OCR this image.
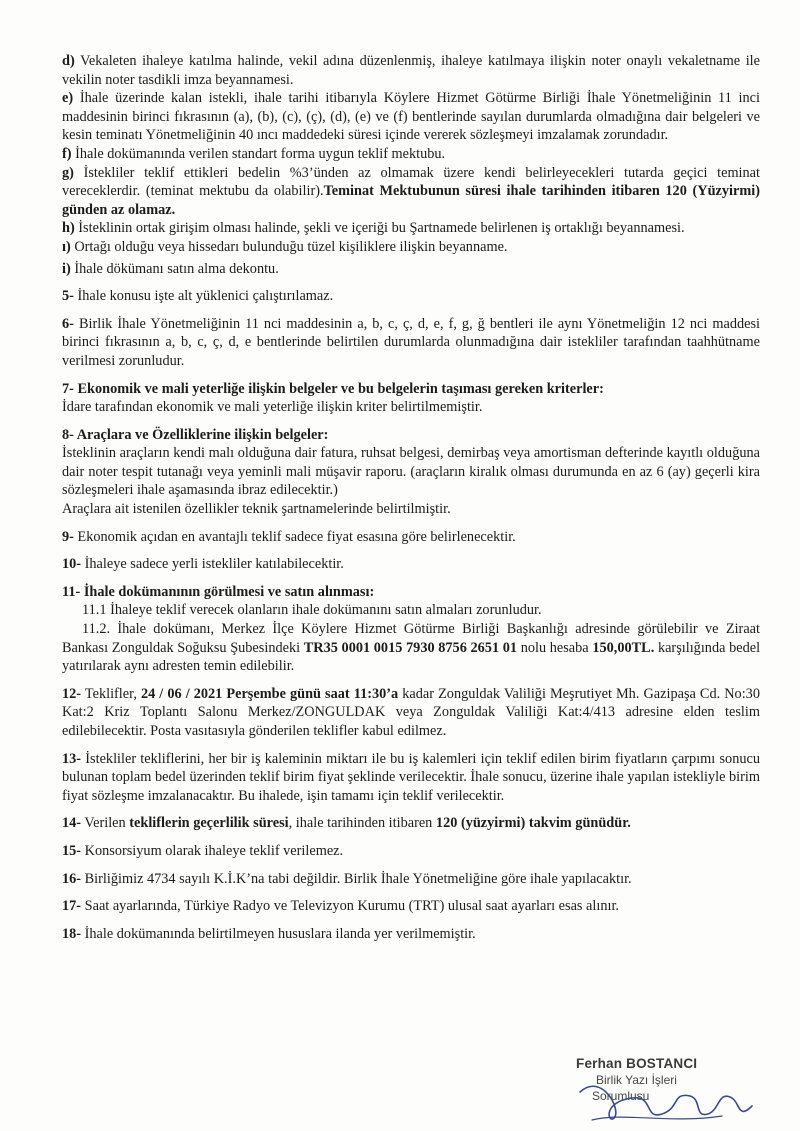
d) Vekaleten ihaleye katılma halinde, vekil adına düzenlenmiş, ihaleye katılmaya ilişkin noter onaylı vekaletname ile vekilin noter tasdikli imza beyannamesi.
e) İhale üzerinde kalan istekli, ihale tarihi itibarıyla Köylere Hizmet Götürme Birliği İhale Yönetmeliğinin 11 inci maddesinin birinci fıkrasının (a), (b), (c), (ç), (d), (e) ve (f) bentlerinde sayılan durumlarda olmadığına dair belgeleri ve kesin teminatı Yönetmeliğinin 40 ıncı maddedeki süresi içinde vererek sözleşmeyi imzalamak zorundadır.
f) İhale dokümanında verilen standart forma uygun teklif mektubu.
g) İstekliler teklif ettikleri bedelin %3’ünden az olmamak üzere kendi belirleyecekleri tutarda geçici teminat vereceklerdir. (teminat mektubu da olabilir).Teminat Mektubunun süresi ihale tarihinden itibaren 120 (Yüzyirmi) günden az olamaz.
h) İsteklinin ortak girişim olması halinde, şekli ve içeriği bu Şartnamede belirlenen iş ortaklığı beyannamesi.
ı) Ortağı olduğu veya hissedarı bulunduğu tüzel kişiliklere ilişkin beyanname.
i) İhale dökümanı satın alma dekontu.
5- İhale konusu işte alt yüklenici çalıştırılamaz.
6- Birlik İhale Yönetmeliğinin 11 nci maddesinin a, b, c, ç, d, e, f, g, ğ bentleri ile aynı Yönetmeliğin 12 nci maddesi birinci fıkrasının a, b, c, ç, d, e bentlerinde belirtilen durumlarda olunmadığına dair istekliler tarafından taahhütname verilmesi zorunludur.

7- Ekonomik ve mali yeterliğe ilişkin belgeler ve bu belgelerin taşıması gereken kriterler:

İdare tarafından ekonomik ve mali yeterliğe ilişkin kriter belirtilmemiştir.

8- Araçlara ve Özelliklerine ilişkin belgeler:

İsteklinin araçların kendi malı olduğuna dair fatura, ruhsat belgesi, demirbaş veya amortisman defterinde kayıtlı olduğuna dair noter tespit tutanağı veya yeminli mali müşavir raporu. (araçların kiralık olması durumunda en az 6 (ay) geçerli kira sözleşmeleri ihale aşamasında ibraz edilecektir.)

Araçlara ait istenilen özellikler teknik şartnamelerinde belirtilmiştir.

9- Ekonomik açıdan en avantajlı teklif sadece fiyat esasına göre belirlenecektir.
10- İhaleye sadece yerli istekliler katılabilecektir.

11- İhale dokümanının görülmesi ve satın alınması:

11.1 İhaleye teklif verecek olanların ihale dokümanını satın almaları zorunludur.

11.2. İhale dokümanı, Merkez İlçe Köylere Hizmet Götürme Birliği Başkanlığı adresinde görülebilir ve Ziraat Bankası Zonguldak Soğuksu Şubesindeki TR35 0001 0015 7930 8756 2651 01 nolu hesaba 150,00TL. karşılığında bedel yatırılarak aynı adresten temin edilebilir.

12- Teklifler, 24 / 06 / 2021 Perşembe günü saat 11:30’a kadar Zonguldak Valiliği Meşrutiyet Mh. Gazipaşa Cd. No:30 Kat:2 Kriz Toplantı Salonu Merkez/ZONGULDAK veya Zonguldak Valiliği Kat:4/413 adresine elden teslim edilebilecektir. Posta vasıtasıyla gönderilen teklifler kabul edilmez.
13- İstekliler tekliflerini, her bir iş kaleminin miktarı ile bu iş kalemleri için teklif edilen birim fiyatların çarpımı sonucu bulunan toplam bedel üzerinden teklif birim fiyat şeklinde verilecektir. İhale sonucu, üzerine ihale yapılan istekliyle birim fiyat sözleşme imzalanacaktır. Bu ihalede, işin tamamı için teklif verilecektir.
14- Verilen tekliflerin geçerlilik süresi, ihale tarihinden itibaren 120 (yüzyirmi) takvim günüdür.
15- Konsorsiyum olarak ihaleye teklif verilemez.
16- Birliğimiz 4734 sayılı K.İ.K’na tabi değildir. Birlik İhale Yönetmeliğine göre ihale yapılacaktır.
17- Saat ayarlarında, Türkiye Radyo ve Televizyon Kurumu (TRT) ulusal saat ayarları esas alınır.
18- İhale dokümanında belirtilmeyen hususlara ilanda yer verilmemiştir.
Ferhan BOSTANCI
Birlik Yazı İşleri
Sorumlusu
